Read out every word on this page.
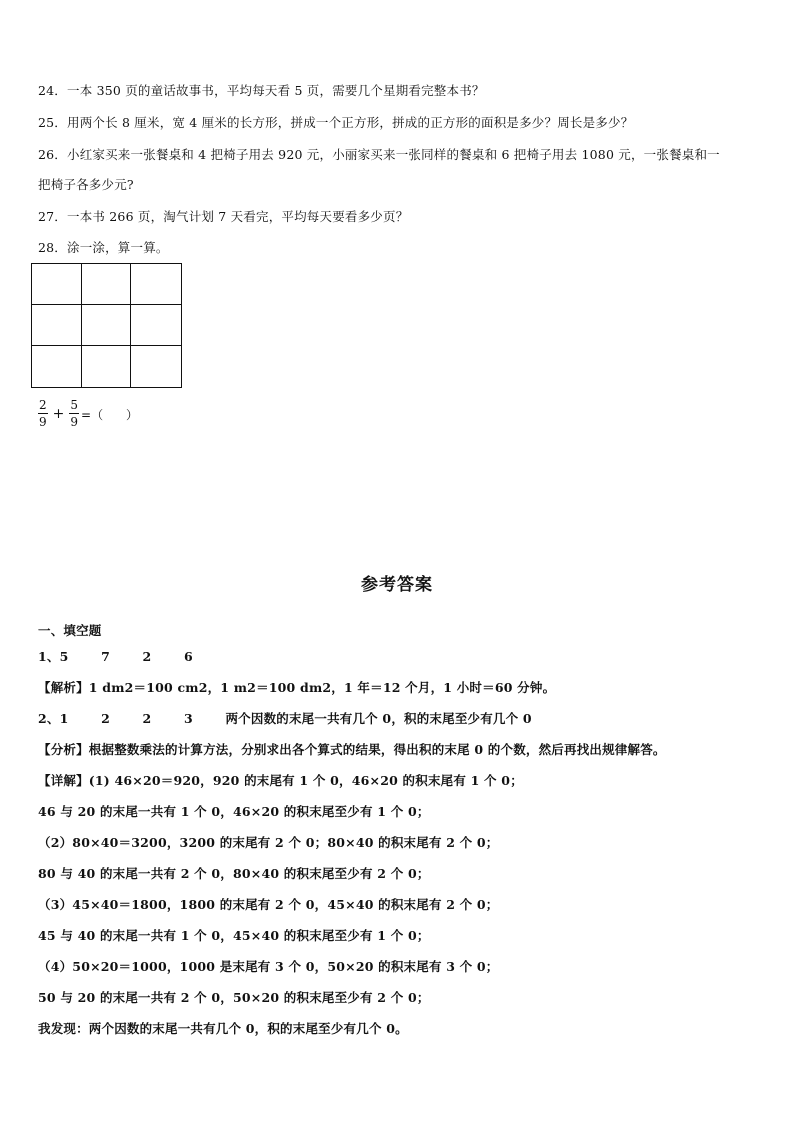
24．一本 350 页的童话故事书，平均每天看 5 页，需要几个星期看完整本书？
25．用两个长 8 厘米，宽 4 厘米的长方形，拼成一个正方形，拼成的正方形的面积是多少？周长是多少？
26．小红家买来一张餐桌和 4 把椅子用去 920 元，小丽家买来一张同样的餐桌和 6 把椅子用去 1080 元，一张餐桌和一
把椅子各多少元?
27．一本书 266 页，淘气计划 7 天看完，平均每天要看多少页？
28．涂一涂，算一算。
$\frac{2}{9} + \frac{5}{9}$ =（      ）
参考答案
一、填空题
1、5	7	2	6
【解析】1 dm2＝100 cm2，1 m2＝100 dm2，1 年＝12 个月，1 小时＝60 分钟。
2、1	2	2	3	两个因数的末尾一共有几个 0，积的末尾至少有几个 0
【分析】根据整数乘法的计算方法，分别求出各个算式的结果，得出积的末尾 0 的个数，然后再找出规律解答。
【详解】(1) 46×20＝920，920 的末尾有 1 个 0，46×20 的积末尾有 1 个 0；
46 与 20 的末尾一共有 1 个 0，46×20 的积末尾至少有 1 个 0；
（2）80×40＝3200，3200 的末尾有 2 个 0；80×40 的积末尾有 2 个 0；
80 与 40 的末尾一共有 2 个 0，80×40 的积末尾至少有 2 个 0；
（3）45×40＝1800，1800 的末尾有 2 个 0，45×40 的积末尾有 2 个 0；
45 与 40 的末尾一共有 1 个 0，45×40 的积末尾至少有 1 个 0；
（4）50×20＝1000，1000 是末尾有 3 个 0，50×20 的积末尾有 3 个 0；
50 与 20 的末尾一共有 2 个 0，50×20 的积末尾至少有 2 个 0；
我发现：两个因数的末尾一共有几个 0，积的末尾至少有几个 0。
